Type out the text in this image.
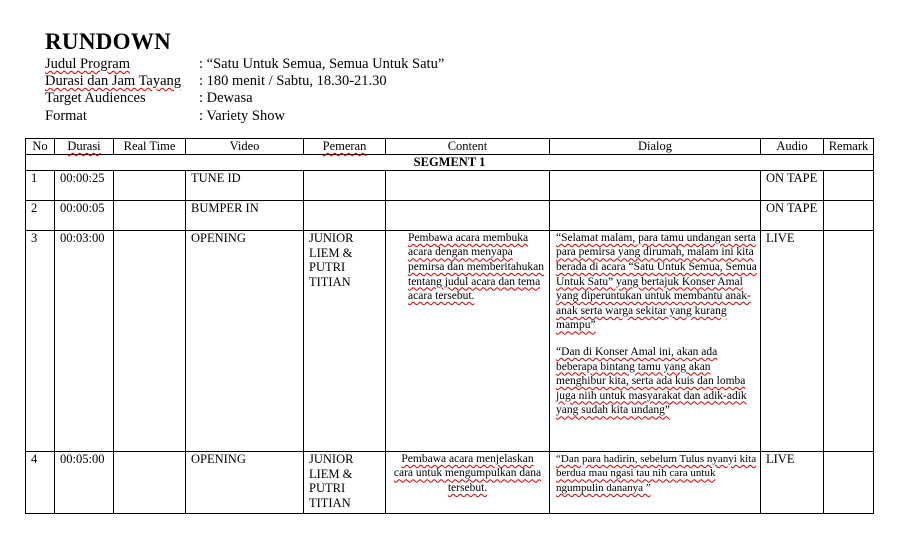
RUNDOWN
Judul Program	: “Satu Untuk Semua, Semua Untuk Satu”
Durasi dan Jam Tayang	: 180 menit / Sabtu, 18.30-21.30
Target Audiences	: Dewasa
Format	: Variety Show
No	Durasi	Real Time	Video	Pemeran	Content	Dialog	Audio	Remark
SEGMENT 1								
1	00:00:25		TUNE ID				ON TAPE	
2	00:00:05		BUMPER IN				ON TAPE	
3	00:03:00		OPENING	JUNIOR LIEM & PUTRI TITIAN	Pembawa acara membuka acara dengan menyapa pemirsa dan memberitahukan tentang judul acara dan tema acara tersebut.	“Selamat malam, para tamu undangan serta para pemirsa yang dirumah, malam ini kita berada di acara “Satu Untuk Semua, Semua Untuk Satu” yang bertajuk Konser Amal yang diperuntukan untuk membantu anak-anak serta warga sekitar yang kurang mampu”

“Dan di Konser Amal ini, akan ada beberapa bintang tamu yang akan menghibur kita, serta ada kuis dan lomba juga niih untuk masyarakat dan adik-adik yang sudah kita undang”	LIVE	
4	00:05:00		OPENING	JUNIOR LIEM & PUTRI TITIAN	Pembawa acara menjelaskan cara untuk mengumpulkan dana tersebut.	“Dan para hadirin, sebelum Tulus nyanyi kita berdua mau ngasi tau nih cara untuk ngumpulin dananya ”	LIVE	
